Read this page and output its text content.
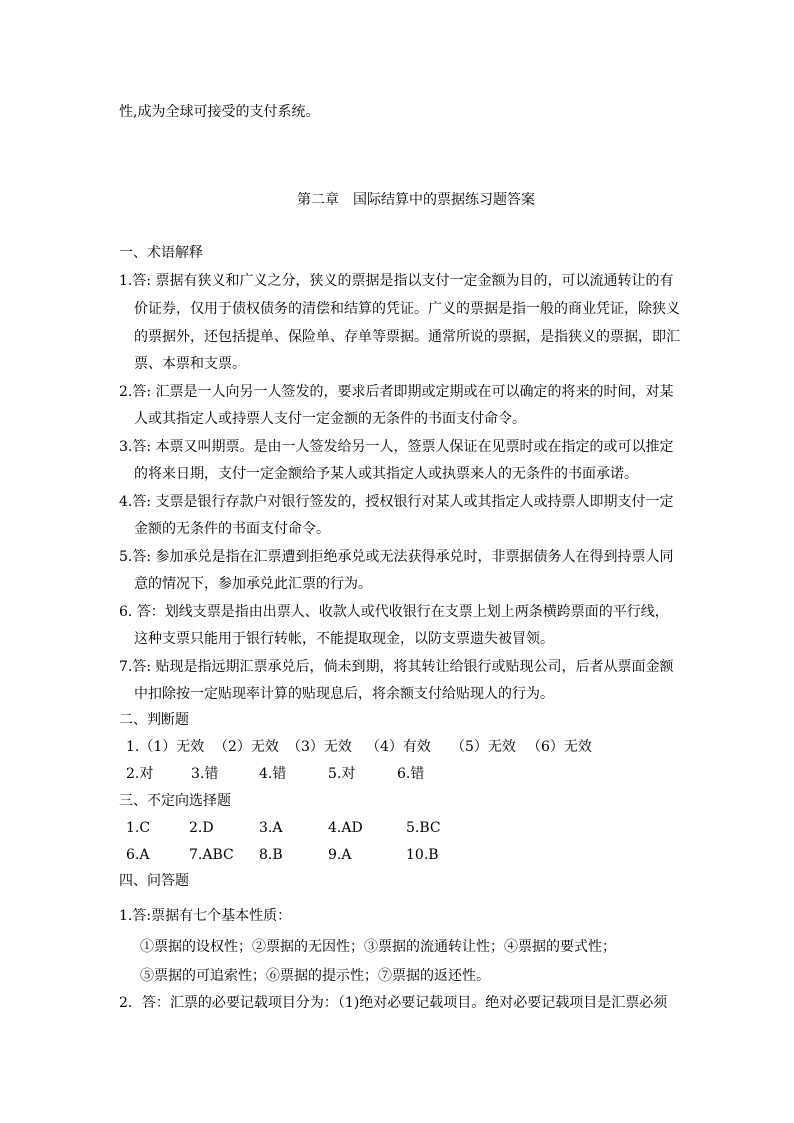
性,成为全球可接受的支付系统。
第二章　国际结算中的票据练习题答案
一、术语解释
1.答: 票据有狭义和广义之分，狭义的票据是指以支付一定金额为目的，可以流通转让的有
价证券，仅用于债权债务的清偿和结算的凭证。广义的票据是指一般的商业凭证，除狭义
的票据外，还包括提单、保险单、存单等票据。通常所说的票据，是指狭义的票据，即汇
票、本票和支票。
2.答: 汇票是一人向另一人签发的，要求后者即期或定期或在可以确定的将来的时间，对某
人或其指定人或持票人支付一定金额的无条件的书面支付命令。
3.答: 本票又叫期票。是由一人签发给另一人，签票人保证在见票时或在指定的或可以推定
的将来日期，支付一定金额给予某人或其指定人或执票来人的无条件的书面承诺。
4.答: 支票是银行存款户对银行签发的，授权银行对某人或其指定人或持票人即期支付一定
金额的无条件的书面支付命令。
5.答: 参加承兑是指在汇票遭到拒绝承兑或无法获得承兑时，非票据债务人在得到持票人同
意的情况下，参加承兑此汇票的行为。
6. 答：划线支票是指由出票人、收款人或代收银行在支票上划上两条横跨票面的平行线，
这种支票只能用于银行转帐，不能提取现金，以防支票遗失被冒领。
7.答: 贴现是指远期汇票承兑后，倘未到期，将其转让给银行或贴现公司，后者从票面金额
中扣除按一定贴现率计算的贴现息后，将余额支付给贴现人的行为。
二、判断题
1.（1）无效 （2）无效 （3）无效 （4）有效 （5）无效 （6）无效
2.对	3.错	4.错	5.对	6.错
三、不定向选择题
1.C	2.D	3.A	4.AD	5.BC
6.A	7.ABC 8.B	9.A	10.B
四、问答题
1.答:票据有七个基本性质：
①票据的设权性；②票据的无因性；③票据的流通转让性；④票据的要式性；
⑤票据的可追索性；⑥票据的提示性；⑦票据的返还性。
2．答：汇票的必要记载项目分为：（1)绝对必要记载项目。绝对必要记载项目是汇票必须
